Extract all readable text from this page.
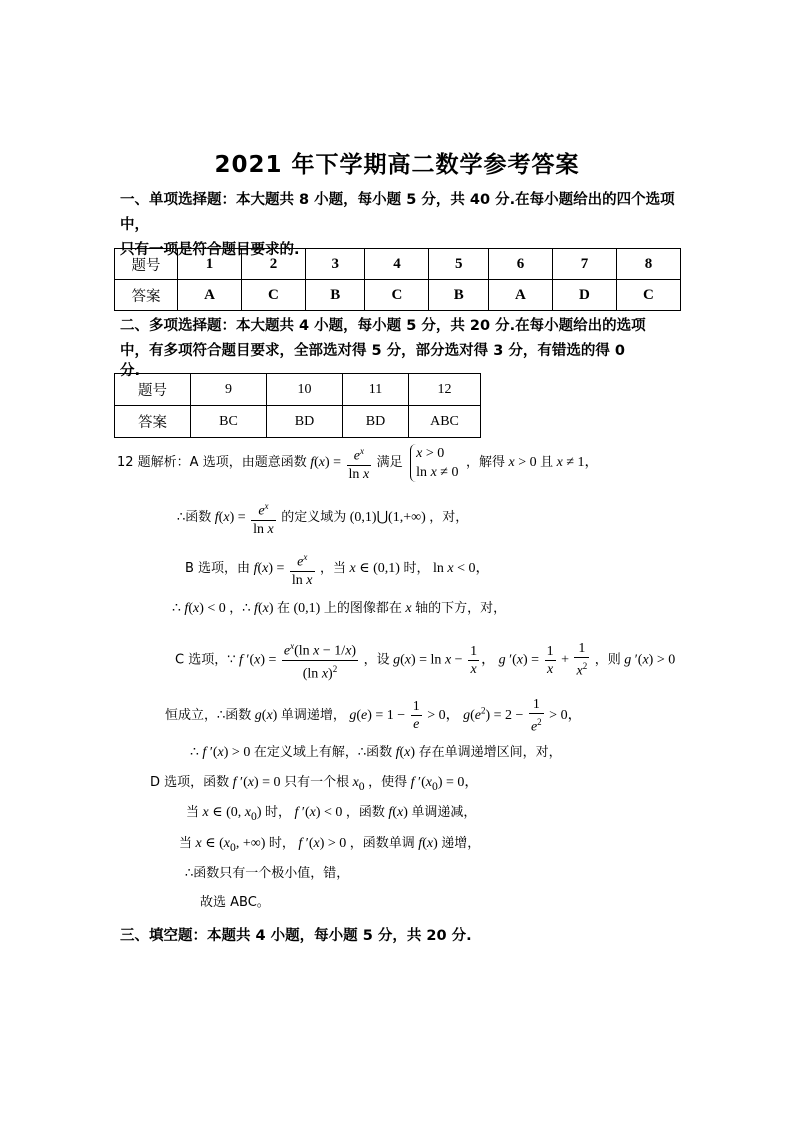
2021 年下学期高二数学参考答案
一、单项选择题：本大题共 8 小题，每小题 5 分，共 40 分.在每小题给出的四个选项中，
只有一项是符合题目要求的.
题号	1	2	3	4	5	6	7	8
答案	A	C	B	C	B	A	D	C
二、多项选择题：本大题共 4 小题，每小题 5 分，共 20 分.在每小题给出的选项
中，有多项符合题目要求，全部选对得 5 分，部分选对得 3 分，有错选的得 0
分.
题号	9	10	11	12
答案	BC	BD	BD	ABC
12 题解析：A 选项，由题意函数 $f(x) = \frac{e^x}{\text{ln x}}$ 满足
x > 0
ln x ≠ 0
，解得 x > 0 且 x ≠ 1，
∴函数 $f(x) = \frac{e^x}{\text{ln x}}$ 的定义域为 (0,1)⋃(1,+∞) ，对，
B 选项，由 $f(x) = \frac{e^x}{\text{ln x}}$ ，当 x ∈ (0,1) 时， ln x < 0，
∴ f(x) < 0 ，∴ f(x) 在 (0,1) 上的图像都在 x 轴的下方，对，
C 选项，∵ f $'(x) = \frac{e^x(\ln x - 1/x)}{(\ln x)^2}$ ，设 $g(x) = \ln x - \frac{1}{x}$ ， g $'(x) = \frac{1}{x} + \frac{1}{x^2}$ ，则 g ′(x) > 0
恒成立，∴函数 g(x) 单调递增， $g(e) = 1 - \frac{1}{e} > 0$， $g(e^2) = 2 - \frac{1}{e^2} > 0$，
∴ f ′(x) > 0 在定义域上有解，∴函数 f(x) 存在单调递增区间，对，
D 选项，函数 f ′(x) = 0 只有一个根 $x_0$ ，使得 f $'(x_0) = 0$，
当 x ∈ (0, $x_0$) 时， f ′(x) < 0 ，函数 f(x) 单调递减，
当 x ∈ ($x_0$, +∞) 时， f ′(x) > 0 ，函数单调 f(x) 递增，
∴函数只有一个极小值，错，
故选 ABC。
三、填空题：本题共 4 小题，每小题 5 分，共 20 分.
